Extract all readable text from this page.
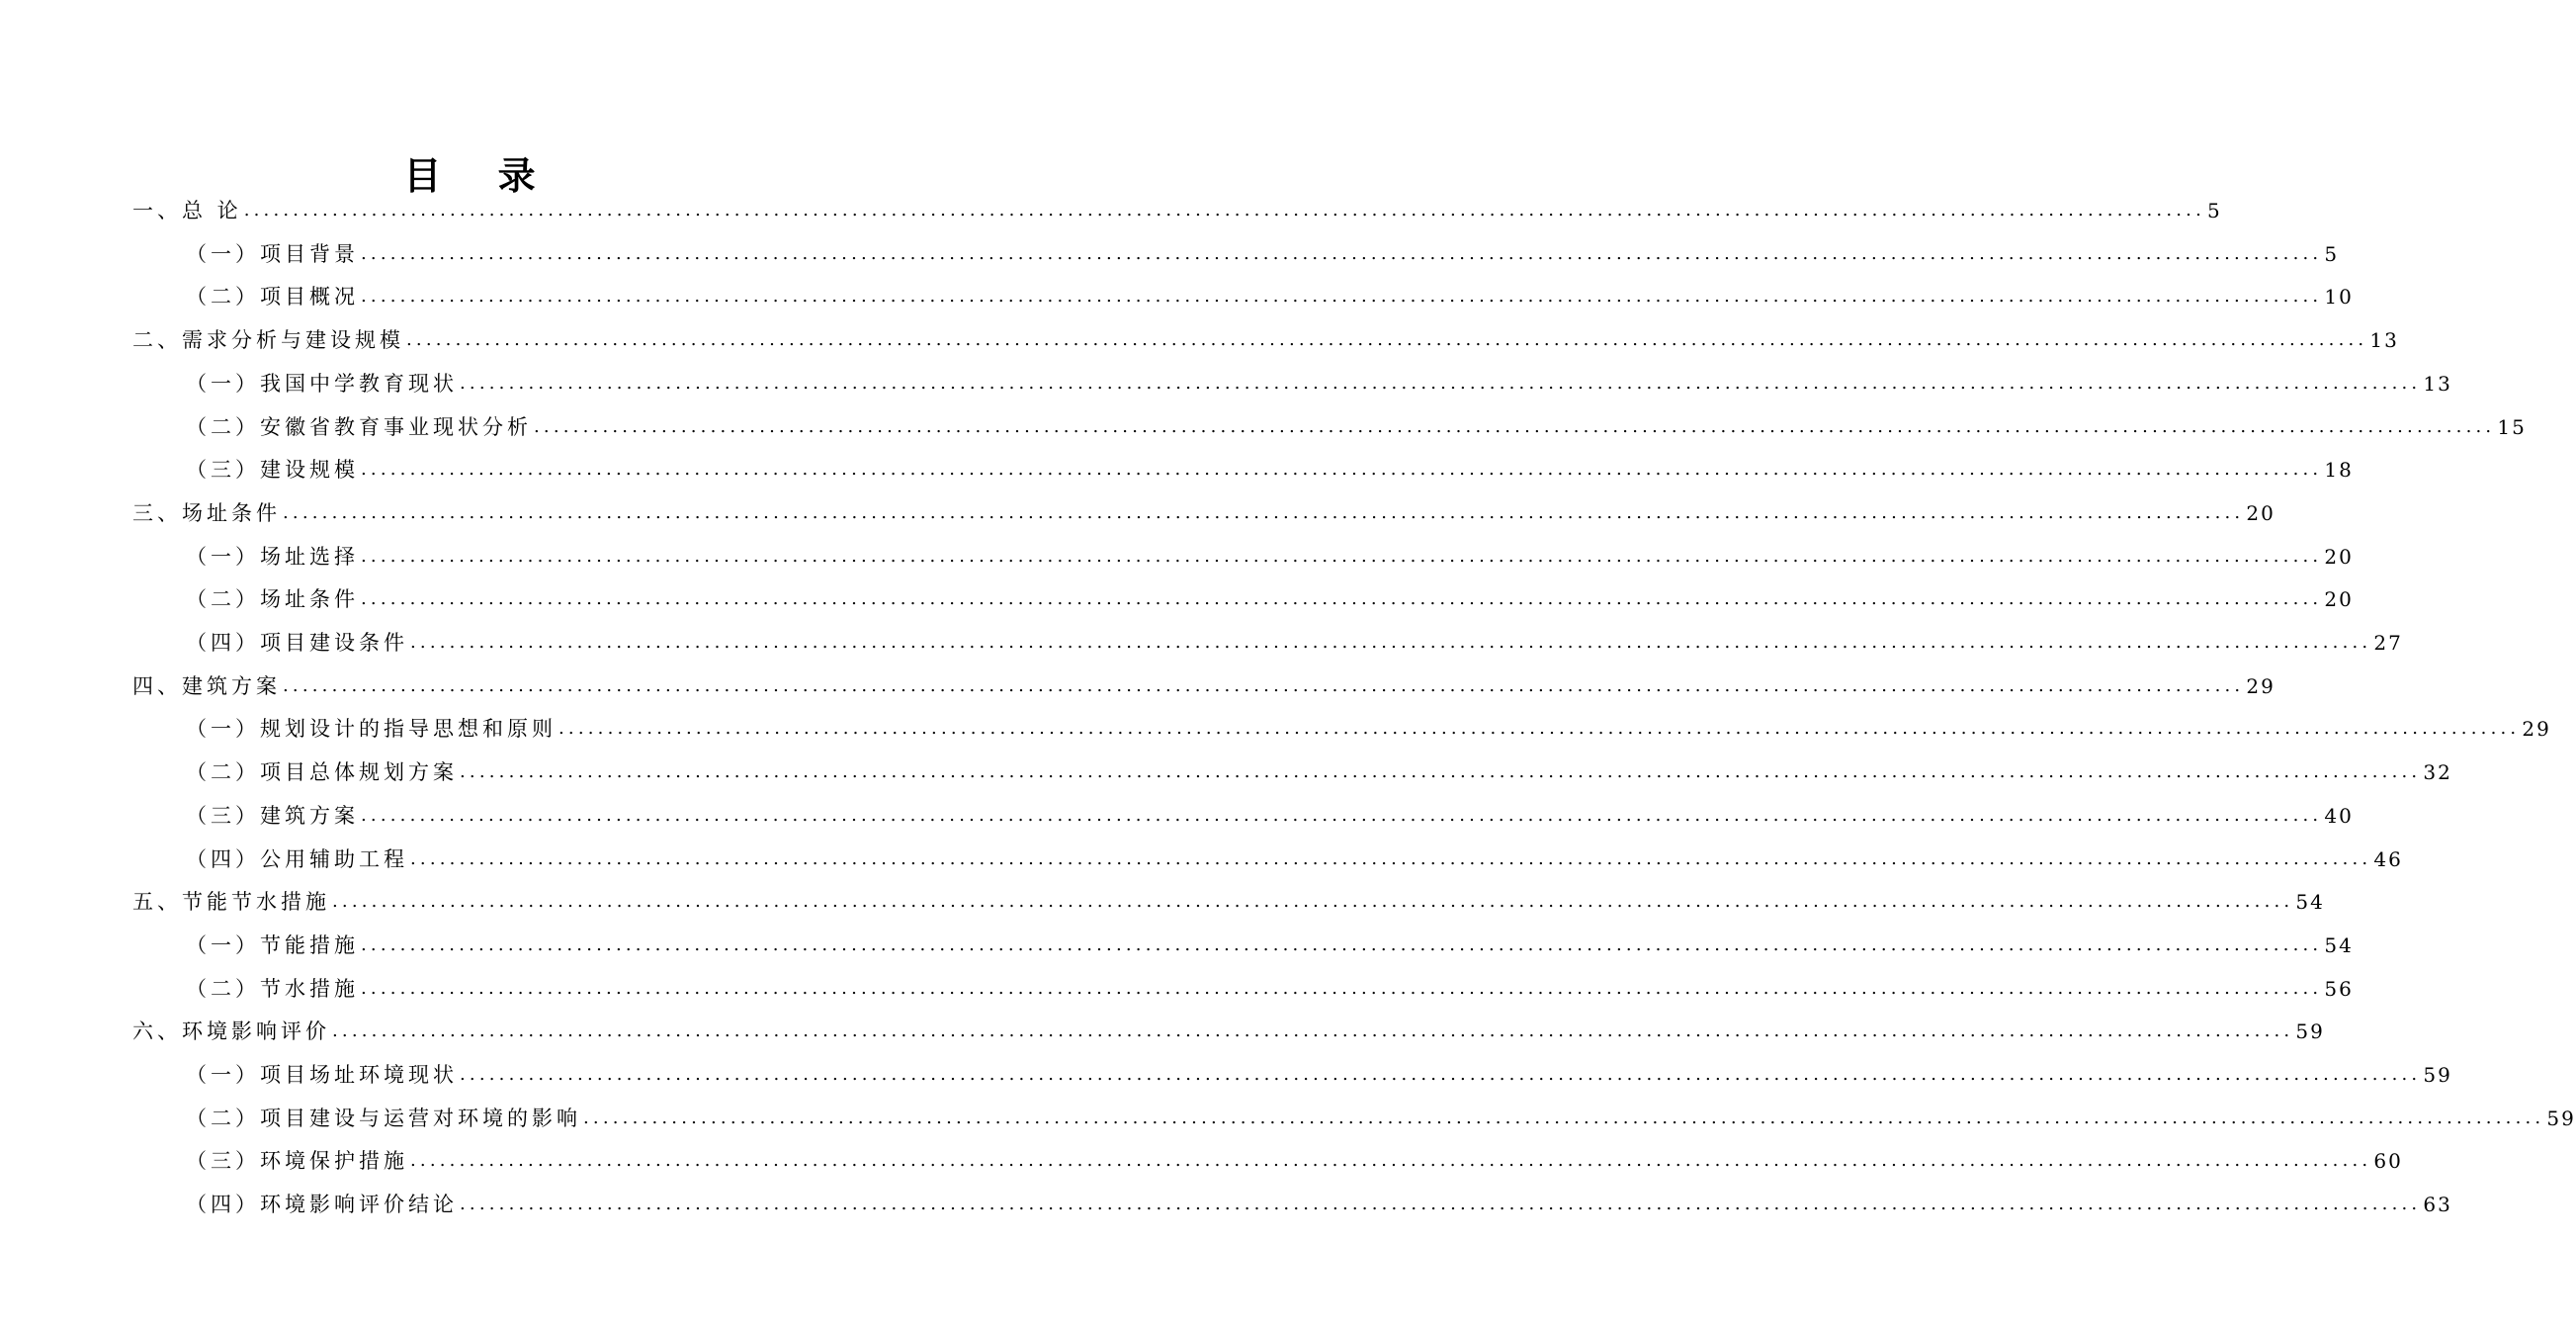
目 录
一、总 论 ........................................................................................................................................................................................................ 5
（一）项目背景 ........................................................................................................................................................................................................ 5
（二）项目概况 ........................................................................................................................................................................................................ 10
二、需求分析与建设规模 ........................................................................................................................................................................................................ 13
（一）我国中学教育现状 ........................................................................................................................................................................................................ 13
（二）安徽省教育事业现状分析 ........................................................................................................................................................................................................ 15
（三）建设规模 ........................................................................................................................................................................................................ 18
三、场址条件 ........................................................................................................................................................................................................ 20
（一）场址选择 ........................................................................................................................................................................................................ 20
（二）场址条件 ........................................................................................................................................................................................................ 20
（四）项目建设条件 ........................................................................................................................................................................................................ 27
四、建筑方案 ........................................................................................................................................................................................................ 29
（一）规划设计的指导思想和原则 ........................................................................................................................................................................................................ 29
（二）项目总体规划方案 ........................................................................................................................................................................................................ 32
（三）建筑方案 ........................................................................................................................................................................................................ 40
（四）公用辅助工程 ........................................................................................................................................................................................................ 46
五、节能节水措施 ........................................................................................................................................................................................................ 54
（一）节能措施 ........................................................................................................................................................................................................ 54
（二）节水措施 ........................................................................................................................................................................................................ 56
六、环境影响评价 ........................................................................................................................................................................................................ 59
（一）项目场址环境现状 ........................................................................................................................................................................................................ 59
（二）项目建设与运营对环境的影响 ........................................................................................................................................................................................................ 59
（三）环境保护措施 ........................................................................................................................................................................................................ 60
（四）环境影响评价结论 ........................................................................................................................................................................................................ 63
